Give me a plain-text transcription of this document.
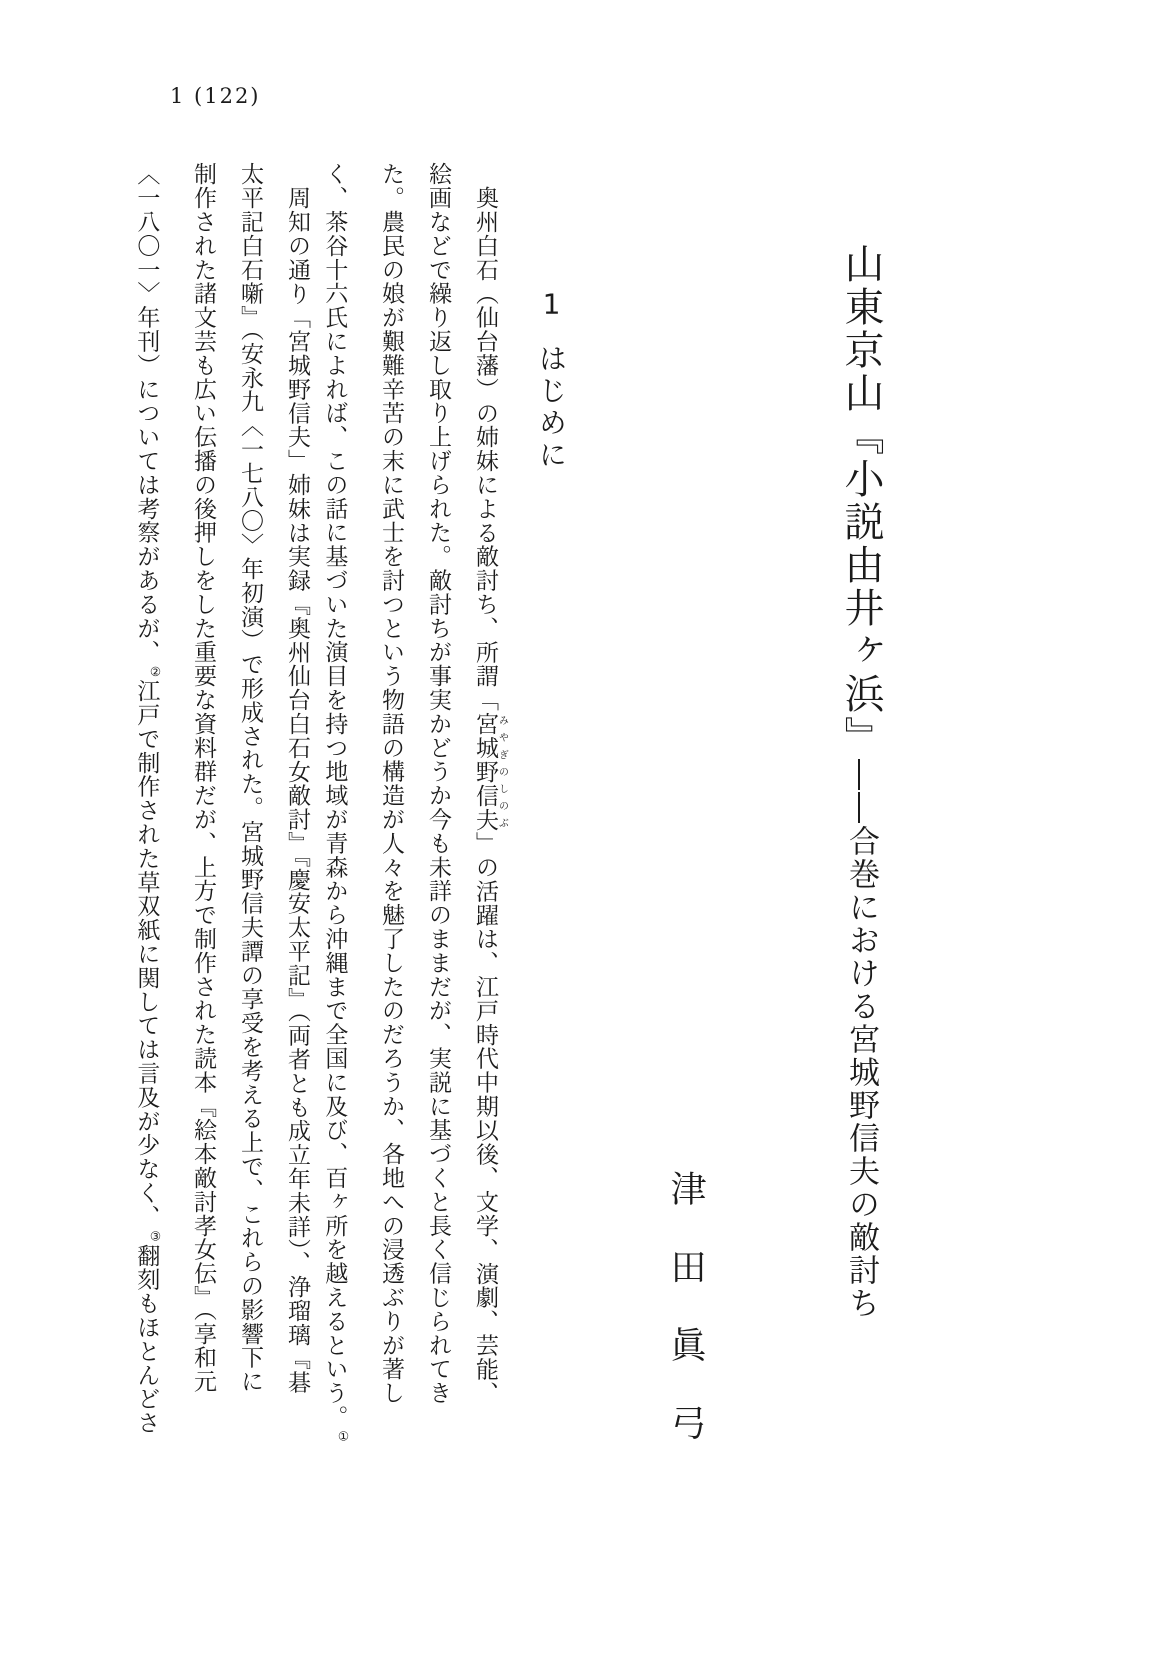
1 (122)
山東京山『小説由井ヶ浜』――合巻における宮城野信夫の敵討ち
津田眞弓
1はじめに
奥州白石（仙台藩）の姉妹による敵討ち、所謂「宮城野信夫みやぎのしのぶ」の活躍は、江戸時代中期以後、文学、演劇、芸能、
絵画などで繰り返し取り上げられた。敵討ちが事実かどうか今も未詳のままだが、実説に基づくと長く信じられてき
た。農民の娘が艱難辛苦の末に武士を討つという物語の構造が人々を魅了したのだろうか、各地への浸透ぶりが著し
く、茶谷十六氏によれば、この話に基づいた演目を持つ地域が青森から沖縄まで全国に及び、百ヶ所を越えるという。①
周知の通り「宮城野信夫」姉妹は実録『奥州仙台白石女敵討』『慶安太平記』（両者とも成立年未詳）、浄瑠璃『碁
太平記白石噺』（安永九〈一七八〇〉年初演）で形成された。宮城野信夫譚の享受を考える上で、これらの影響下に
制作された諸文芸も広い伝播の後押しをした重要な資料群だが、上方で制作された読本『絵本敵討孝女伝』（享和元
〈一八〇一〉年刊）については考察があるが、②江戸で制作された草双紙に関しては言及が少なく、③翻刻もほとんどさ
